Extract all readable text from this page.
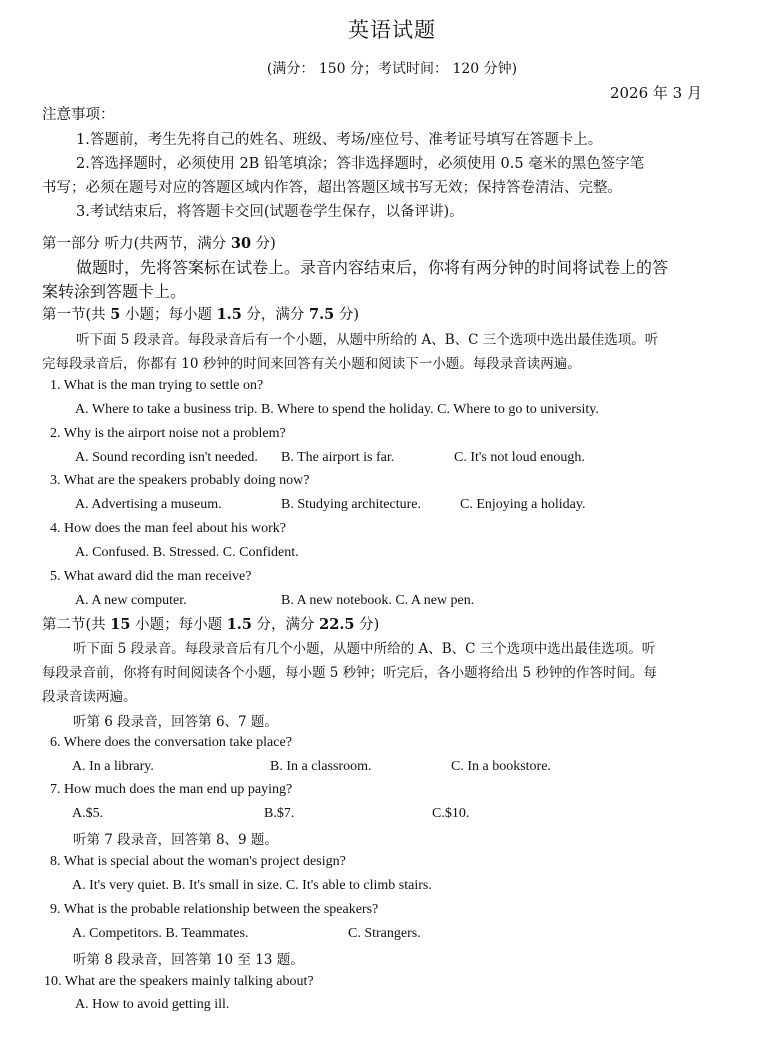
英语试题
(满分： 150 分；考试时间： 120 分钟)
2026 年 3 月
注意事项：
1.答题前，考生先将自己的姓名、班级、考场/座位号、准考证号填写在答题卡上。
2.答选择题时，必须使用 2B 铅笔填涂；答非选择题时，必须使用 0.5 毫米的黑色签字笔
书写；必须在题号对应的答题区域内作答，超出答题区域书写无效；保持答卷清洁、完整。
3.考试结束后，将答题卡交回(试题卷学生保存，以备评讲)。
第一部分 听力(共两节，满分 30 分)
做题时，先将答案标在试卷上。录音内容结束后，你将有两分钟的时间将试卷上的答
案转涂到答题卡上。
第一节(共 5 小题；每小题 1.5 分，满分 7.5 分)
听下面 5 段录音。每段录音后有一个小题，从题中所给的 A、B、C 三个选项中选出最佳选项。听
完每段录音后，你都有 10 秒钟的时间来回答有关小题和阅读下一小题。每段录音读两遍。
1. What is the man trying to settle on?
A. Where to take a business trip. B. Where to spend the holiday. C. Where to go to university.
2. Why is the airport noise not a problem?
A. Sound recording isn't needed. B. The airport is far.	C. It's not loud enough.
3. What are the speakers probably doing now?
A. Advertising a museum.	B. Studying architecture.	C. Enjoying a holiday.
4. How does the man feel about his work?
A. Confused. B. Stressed. C. Confident.
5. What award did the man receive?
A. A new computer.	B. A new notebook. C. A new pen.
第二节(共 15 小题；每小题 1.5 分，满分 22.5 分)
听下面 5 段录音。每段录音后有几个小题，从题中所给的 A、B、C 三个选项中选出最佳选项。听
每段录音前，你将有时间阅读各个小题，每小题 5 秒钟；听完后，各小题将给出 5 秒钟的作答时间。每
段录音读两遍。
听第 6 段录音，回答第 6、7 题。
6. Where does the conversation take place?
A. In a library.	B. In a classroom.	C. In a bookstore.
7. How much does the man end up paying?
A.$5.	B.$7.	C.$10.
听第 7 段录音，回答第 8、9 题。
8. What is special about the woman's project design?
A. It's very quiet. B. It's small in size. C. It's able to climb stairs.
9. What is the probable relationship between the speakers?
A. Competitors. B. Teammates.	C. Strangers.
听第 8 段录音，回答第 10 至 13 题。
10. What are the speakers mainly talking about?
A. How to avoid getting ill.
